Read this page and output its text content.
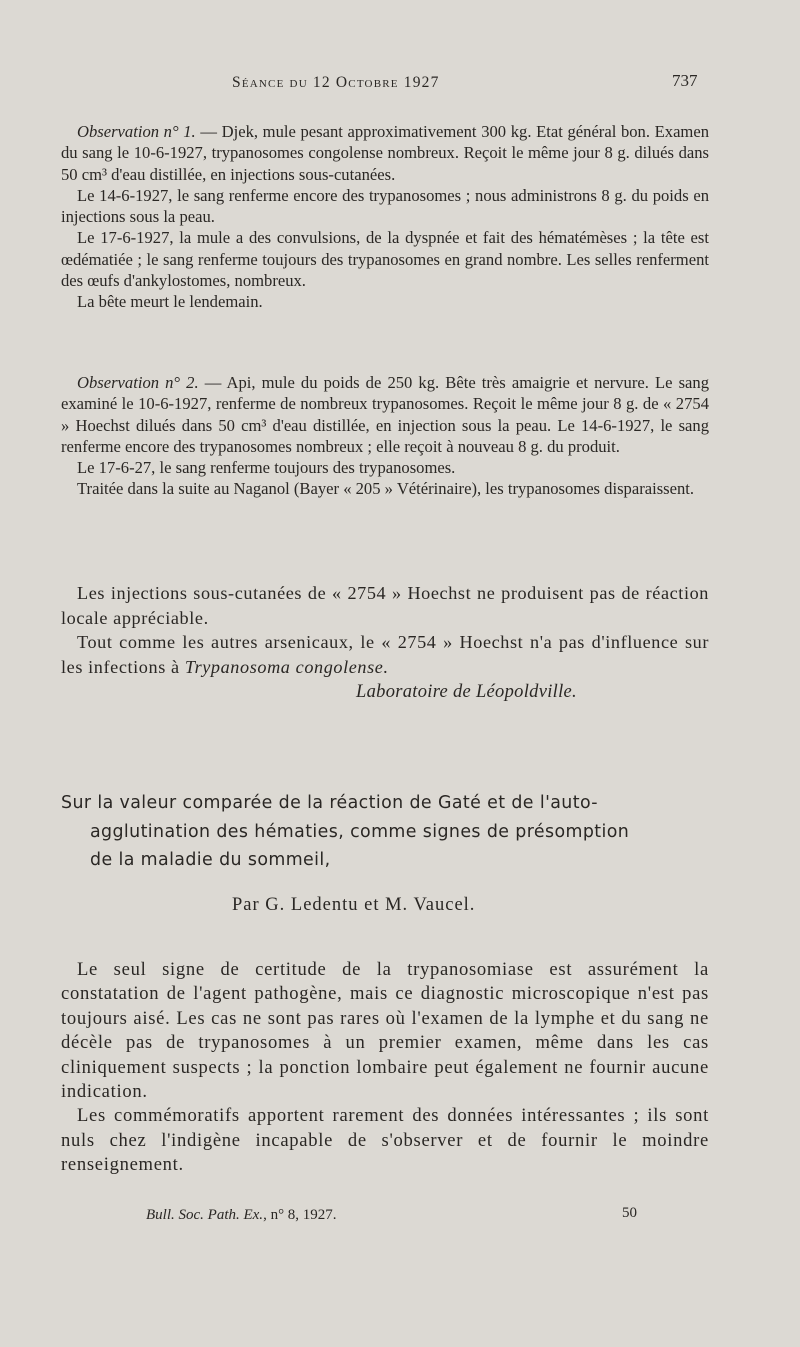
Séance du 12 Octobre 1927	737

Observation n° 1. — Djek, mule pesant approximativement 300 kg. Etat général bon. Examen du sang le 10-6-1927, trypanosomes congolense nombreux. Reçoit le même jour 8 g. dilués dans 50 cm³ d'eau distillée, en injections sous-cutanées.

Le 14-6-1927, le sang renferme encore des trypanosomes ; nous administrons 8 g. du poids en injections sous la peau.

Le 17-6-1927, la mule a des convulsions, de la dyspnée et fait des hématémèses ; la tête est œdématiée ; le sang renferme toujours des trypanosomes en grand nombre. Les selles renferment des œufs d'ankylostomes, nombreux.

La bête meurt le lendemain.

Observation n° 2. — Api, mule du poids de 250 kg. Bête très amaigrie et nervure. Le sang examiné le 10-6-1927, renferme de nombreux trypanosomes. Reçoit le même jour 8 g. de « 2754 » Hoechst dilués dans 50 cm³ d'eau distillée, en injection sous la peau. Le 14-6-1927, le sang renferme encore des trypanosomes nombreux ; elle reçoit à nouveau 8 g. du produit.

Le 17-6-27, le sang renferme toujours des trypanosomes.

Traitée dans la suite au Naganol (Bayer « 205 » Vétérinaire), les trypanosomes disparaissent.

Les injections sous-cutanées de « 2754 » Hoechst ne produisent pas de réaction locale appréciable.

Tout comme les autres arsenicaux, le « 2754 » Hoechst n'a pas d'influence sur les infections à Trypanosoma congolense.

Laboratoire de Léopoldville.
Sur la valeur comparée de la réaction de Gaté et de l'auto-
agglutination des hématies, comme signes de présomption
de la maladie du sommeil,
Par G. Ledentu et M. Vaucel.

Le seul signe de certitude de la trypanosomiase est assurément la constatation de l'agent pathogène, mais ce diagnostic microscopique n'est pas toujours aisé. Les cas ne sont pas rares où l'examen de la lymphe et du sang ne décèle pas de trypanosomes à un premier examen, même dans les cas cliniquement suspects ; la ponction lombaire peut également ne fournir aucune indication.

Les commémoratifs apportent rarement des données intéressantes ; ils sont nuls chez l'indigène incapable de s'observer et de fournir le moindre renseignement.

Bull. Soc. Path. Ex., n° 8, 1927.	50
